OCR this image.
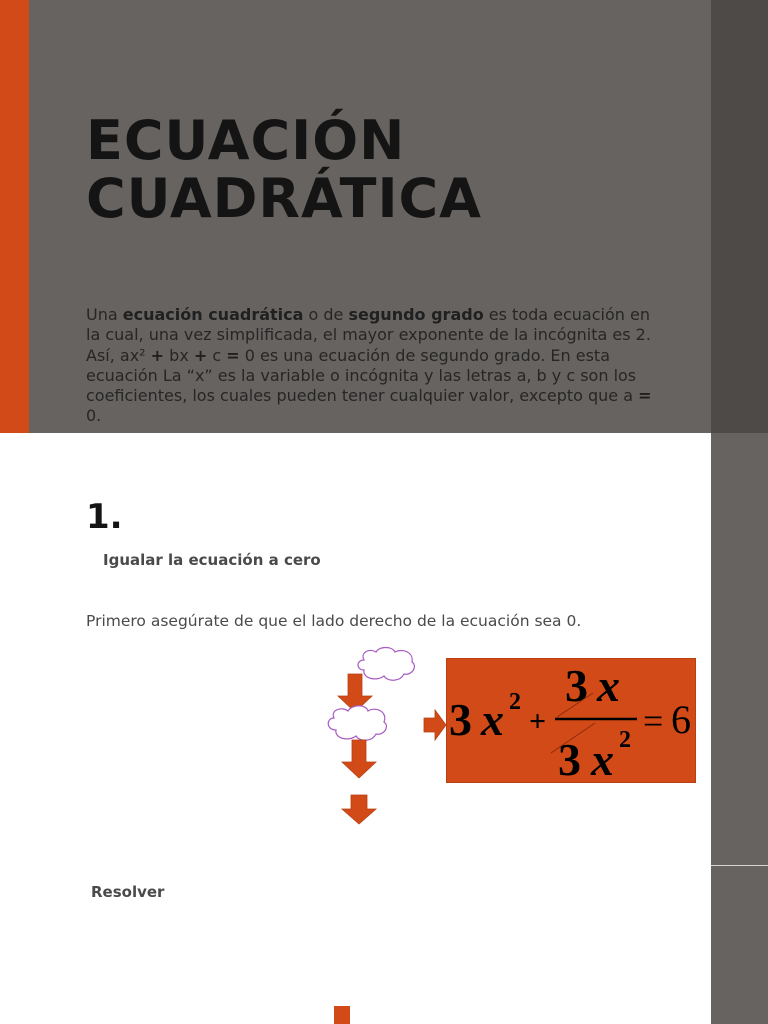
ECUACIÓN
CUADRÁTICA

Una ecuación cuadrática o de segundo grado es toda ecuación en la cual, una vez simplificada, el mayor exponente de la incógnita es 2. Así, ax² + bx + c = 0 es una ecuación de segundo grado. En esta ecuación La “x” es la variable o incógnita y las letras a, b y c son los coeficientes, los cuales pueden tener cualquier valor, excepto que a = 0.

1.

Igualar la ecuación a cero

Primero asegúrate de que el lado derecho de la ecuación sea 0.

3 x 2
+
3 x
3 x 2 = 6

Resolver
